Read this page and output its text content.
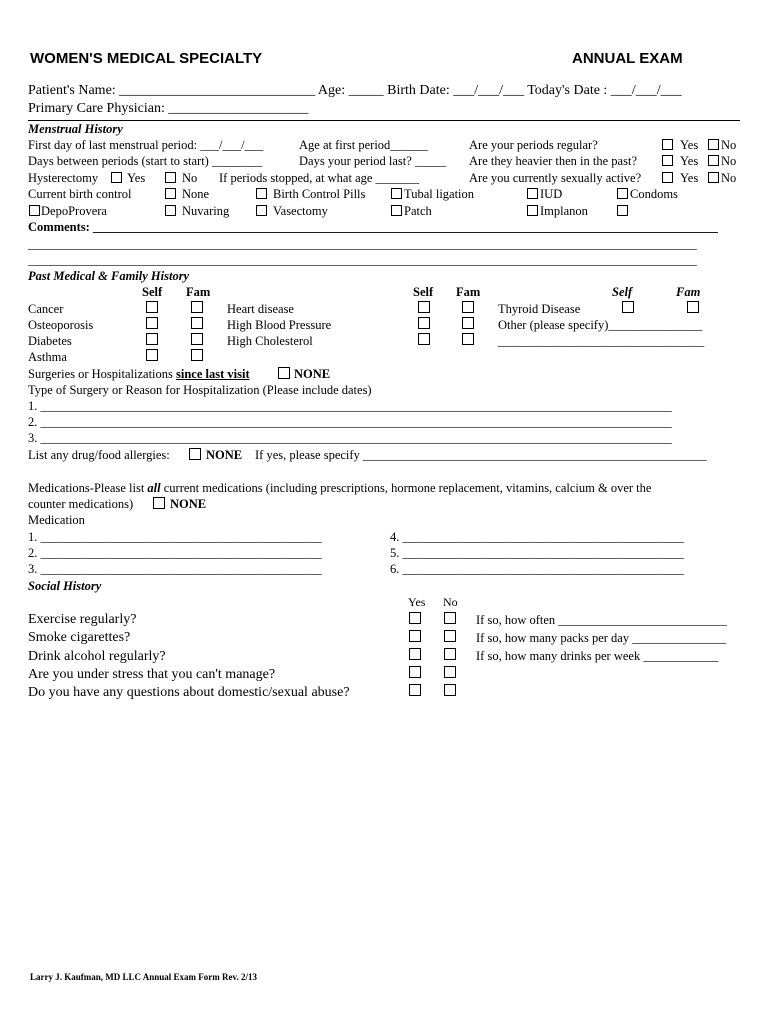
WOMEN'S MEDICAL SPECIALTY	ANNUAL EXAM
Patient's Name: ____________________________ Age: _____ Birth Date: ___/___/___ Today's Date : ___/___/___
Primary Care Physician: ____________________
Menstrual History
First day of last menstrual period: ___/___/___	Age at first period______	Are your periods regular?	Yes No
Days between periods (start to start) ________	Days your period last? _____ Are they heavier then in the past?	Yes No
Hysterectomy Yes	No If periods stopped, at what age _______	Are you currently sexually active?	Yes No
Current birth control	None	Birth Control Pills	Tubal ligation	IUD	Condoms
DepoProvera	Nuvaring	Vasectomy	Patch	Implanon
Comments: ____________________________________________________________________________________________________
___________________________________________________________________________________________________________
___________________________________________________________________________________________________________
Past Medical & Family History
Self Fam	Self Fam	Self	Fam
Cancer	Heart disease	Thyroid Disease
Osteoporosis	High Blood Pressure	Other (please specify)_______________
Diabetes	High Cholesterol	_________________________________
Asthma
Surgeries or Hospitalizations since last visit	NONE
Type of Surgery or Reason for Hospitalization (Please include dates)
1. _____________________________________________________________________________________________________
2. _____________________________________________________________________________________________________
3. _____________________________________________________________________________________________________
List any drug/food allergies:	NONE If yes, please specify _______________________________________________________
Medications-Please list all current medications (including prescriptions, hormone replacement, vitamins, calcium & over the
counter medications)	NONE
Medication
1. _____________________________________________
2. _____________________________________________
3. _____________________________________________
4. _____________________________________________
5. _____________________________________________
6. _____________________________________________
Social History
Yes No
Exercise regularly?	If so, how often ___________________________
Smoke cigarettes?	If so, how many packs per day _______________
Drink alcohol regularly?	If so, how many drinks per week ____________
Are you under stress that you can't manage?
Do you have any questions about domestic/sexual abuse?
Larry J. Kaufman, MD LLC Annual Exam Form Rev. 2/13
